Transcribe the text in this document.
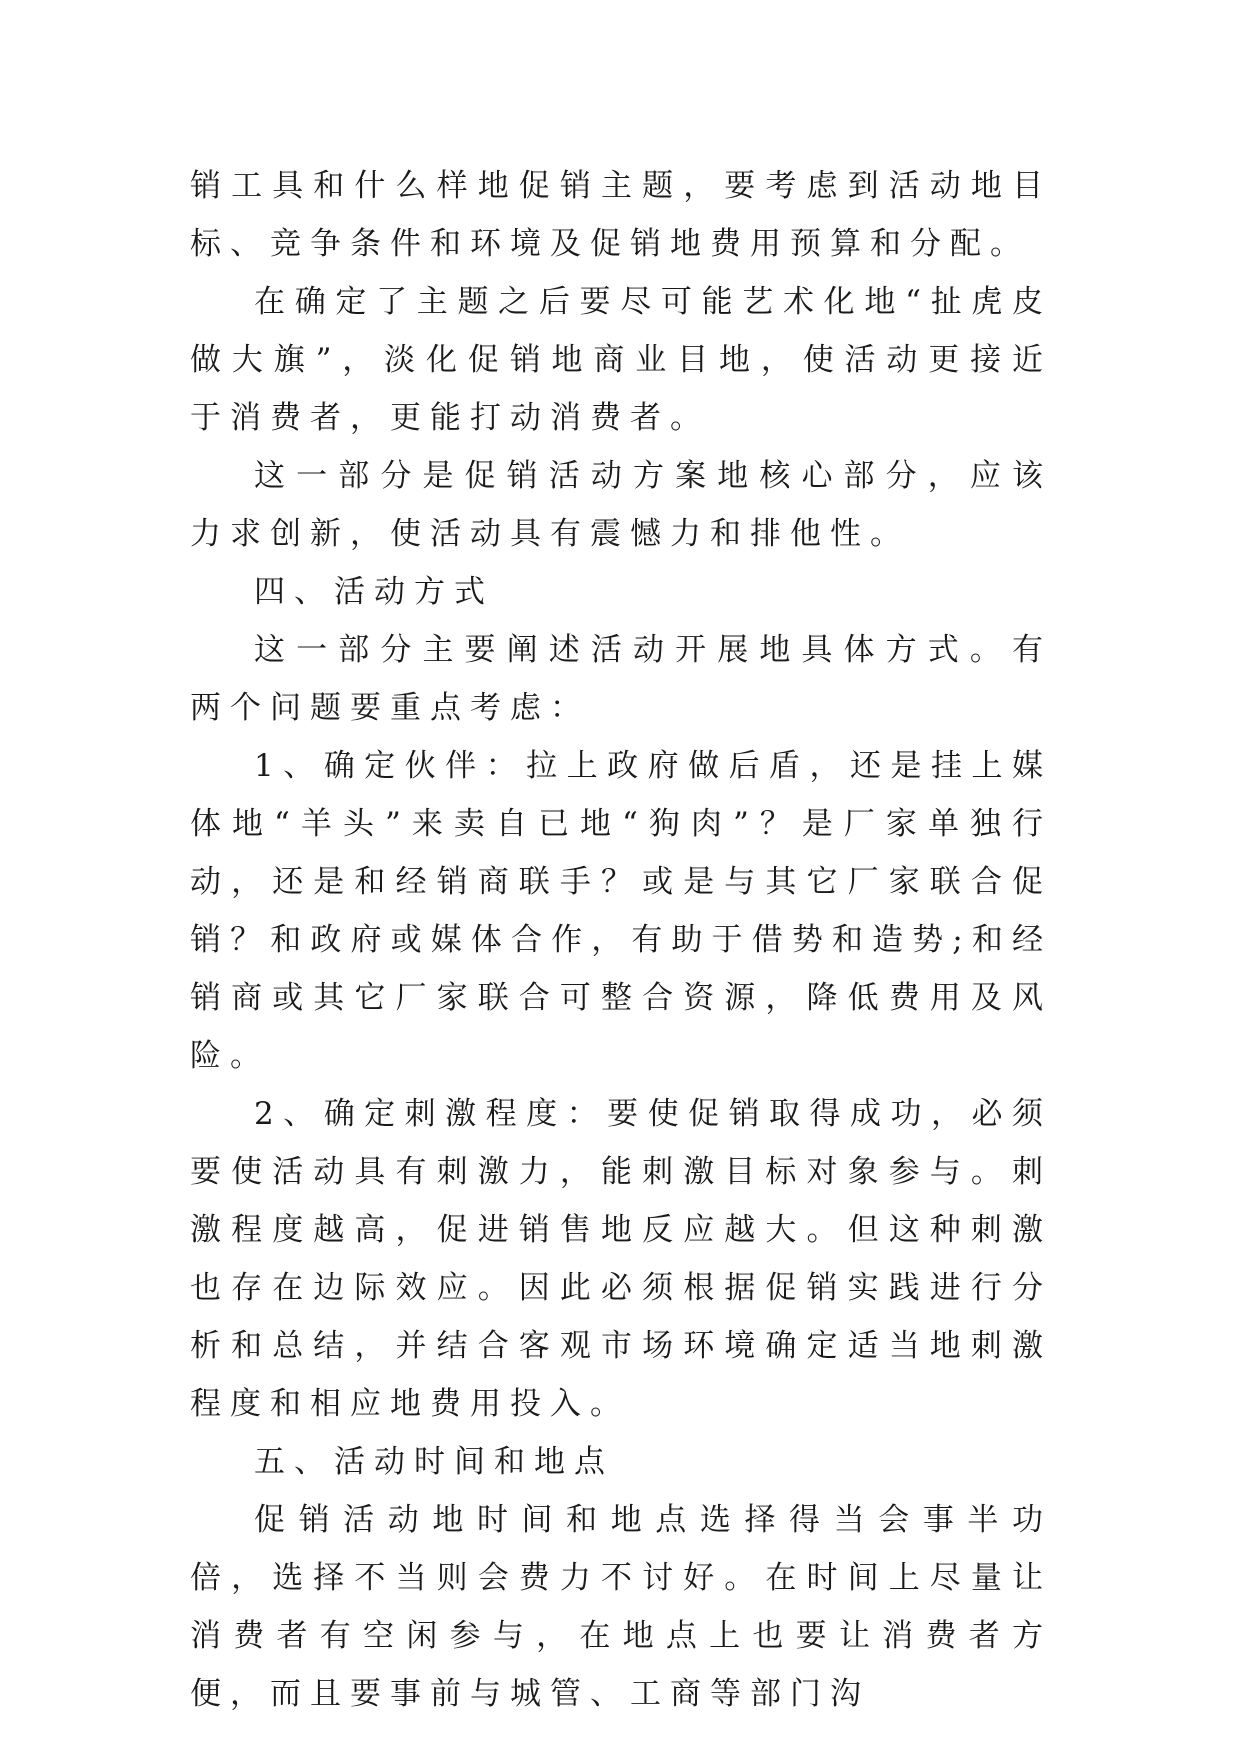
销工具和什么样地促销主题，要考虑到活动地目标、竞争条件和环境及促销地费用预算和分配。

在确定了主题之后要尽可能艺术化地“扯虎皮做大旗”，淡化促销地商业目地，使活动更接近于消费者，更能打动消费者。

这一部分是促销活动方案地核心部分，应该力求创新，使活动具有震憾力和排他性。

四、活动方式

这一部分主要阐述活动开展地具体方式。有两个问题要重点考虑：

1、确定伙伴：拉上政府做后盾，还是挂上媒体地“羊头”来卖自已地“狗肉”？是厂家单独行动，还是和经销商联手？或是与其它厂家联合促销？和政府或媒体合作，有助于借势和造势;和经销商或其它厂家联合可整合资源，降低费用及风险。

2、确定刺激程度：要使促销取得成功，必须要使活动具有刺激力，能刺激目标对象参与。刺激程度越高，促进销售地反应越大。但这种刺激也存在边际效应。因此必须根据促销实践进行分析和总结，并结合客观市场环境确定适当地刺激程度和相应地费用投入。

五、活动时间和地点

促销活动地时间和地点选择得当会事半功倍，选择不当则会费力不讨好。在时间上尽量让消费者有空闲参与，在地点上也要让消费者方便，而且要事前与城管、工商等部门沟
